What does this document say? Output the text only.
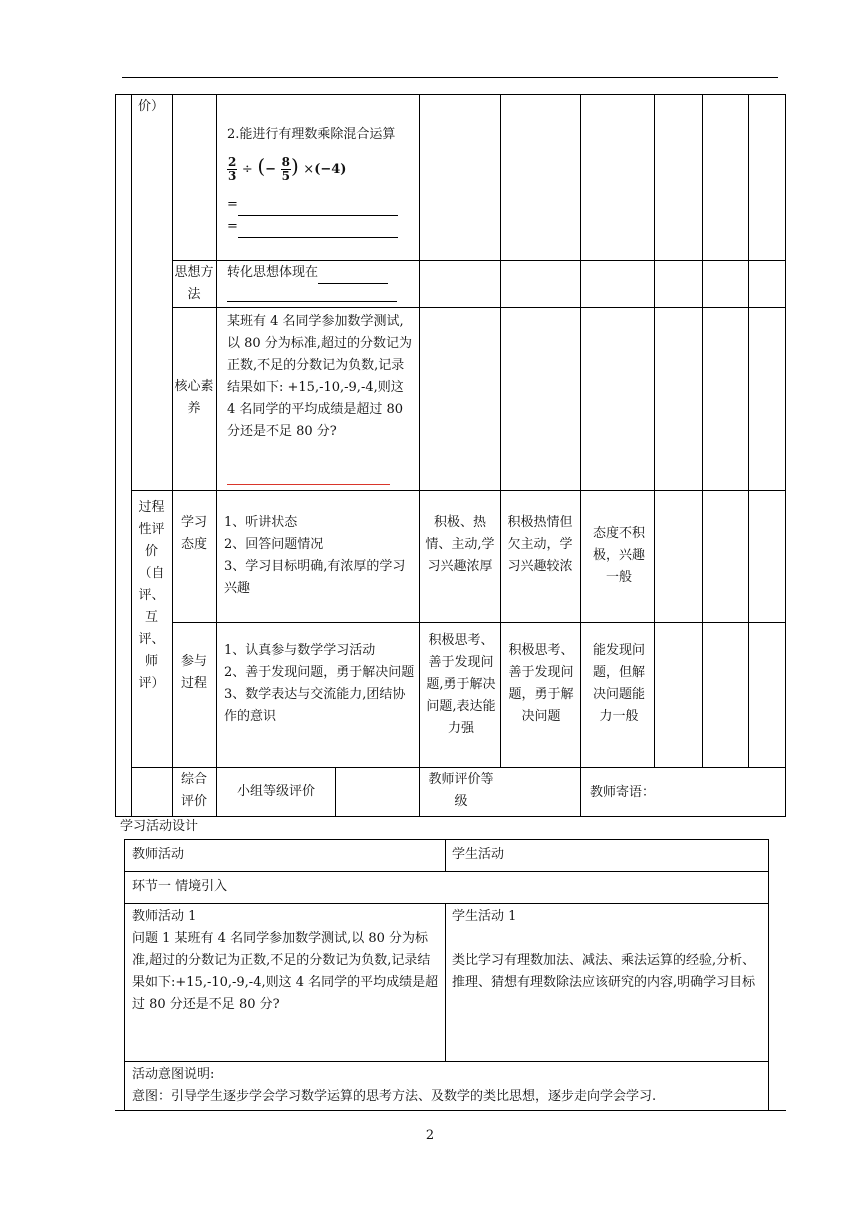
价）
2.能进行有理数乘除混合运算
$\frac{2}{3}$ ÷ (− $\frac{8}{5}$ ) ×(−4)
=
=
思想方法
转化思想体现在
核心素养
某班有 4 名同学参加数学测试,以 80 分为标准,超过的分数记为正数,不足的分数记为负数,记录结果如下: +15,-10,-9,-4,则这 4 名同学的平均成绩是超过 80 分还是不足 80 分?
过程性评价（自评、互评、师评）
学习态度
1、听讲状态
2、回答问题情况
3、学习目标明确,有浓厚的学习兴趣
积极、热情、主动,学习兴趣浓厚
积极热情但欠主动，学习兴趣较浓
态度不积极，兴趣一般
参与过程
1、认真参与数学学习活动
2、善于发现问题，勇于解决问题
3、数学表达与交流能力,团结协作的意识
积极思考、善于发现问题,勇于解决问题,表达能力强
积极思考、善于发现问题，勇于解决问题
能发现问题，但解决问题能力一般
综合评价
小组等级评价
教师评价等级
教师寄语：
学习活动设计
教师活动	学生活动
环节一 情境引入
教师活动 1
问题 1 某班有 4 名同学参加数学测试,以 80 分为标准,超过的分数记为正数,不足的分数记为负数,记录结果如下:+15,-10,-9,-4,则这 4 名同学的平均成绩是超过 80 分还是不足 80 分?
学生活动 1
类比学习有理数加法、减法、乘法运算的经验,分析、推理、猜想有理数除法应该研究的内容,明确学习目标
活动意图说明:
意图：引导学生逐步学会学习数学运算的思考方法、及数学的类比思想，逐步走向学会学习.
2
